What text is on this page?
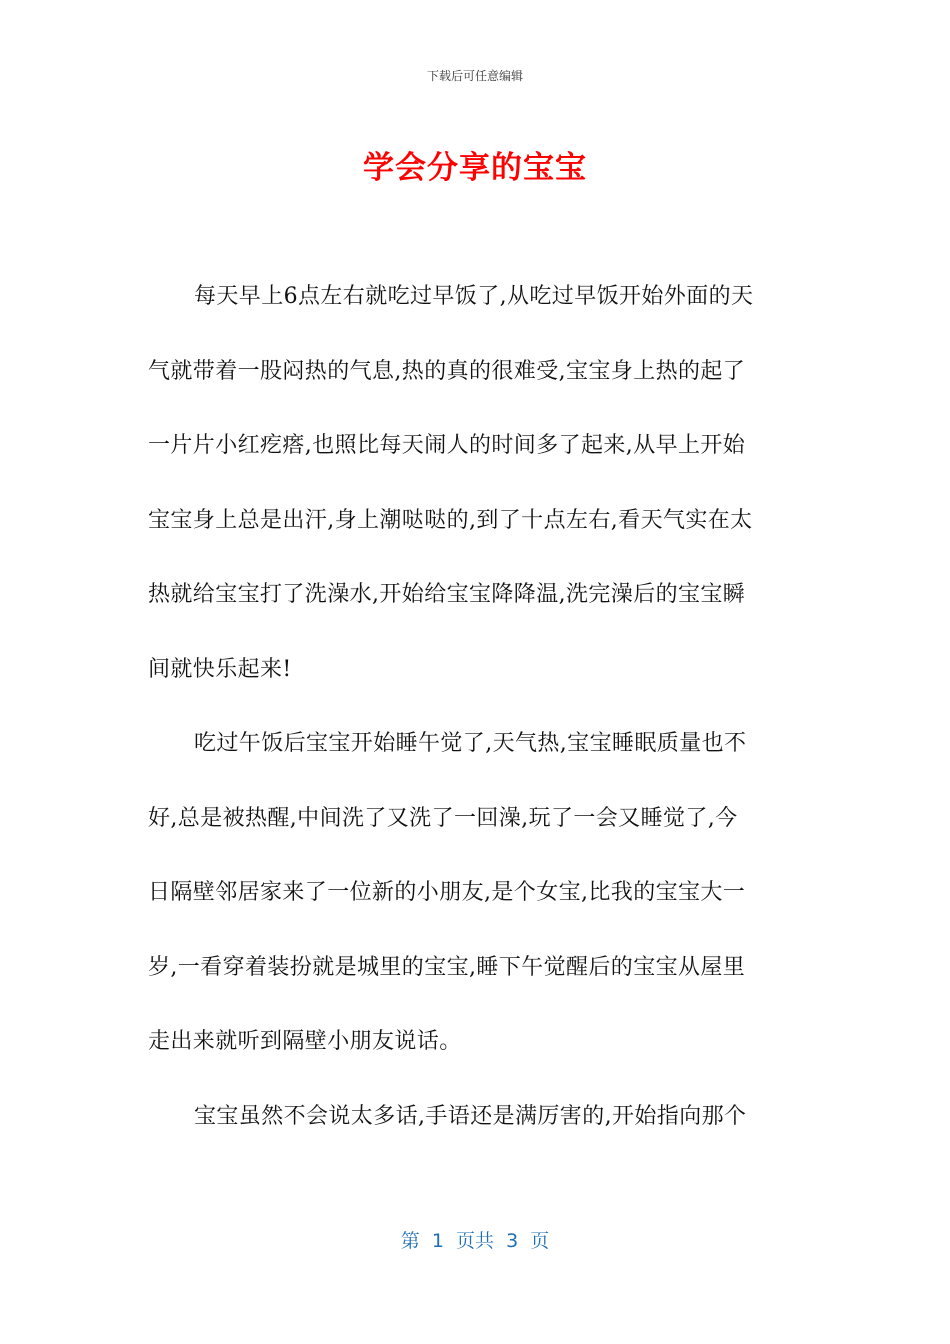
下载后可任意编辑
学会分享的宝宝
每天早上6点左右就吃过早饭了,从吃过早饭开始外面的天
气就带着一股闷热的气息,热的真的很难受,宝宝身上热的起了
一片片小红疙瘩,也照比每天闹人的时间多了起来,从早上开始
宝宝身上总是出汗,身上潮哒哒的,到了十点左右,看天气实在太
热就给宝宝打了洗澡水,开始给宝宝降降温,洗完澡后的宝宝瞬
间就快乐起来!
吃过午饭后宝宝开始睡午觉了,天气热,宝宝睡眠质量也不
好,总是被热醒,中间洗了又洗了一回澡,玩了一会又睡觉了,今
日隔壁邻居家来了一位新的小朋友,是个女宝,比我的宝宝大一
岁,一看穿着装扮就是城里的宝宝,睡下午觉醒后的宝宝从屋里
走出来就听到隔壁小朋友说话。
宝宝虽然不会说太多话,手语还是满厉害的,开始指向那个
第  1  页共  3  页
